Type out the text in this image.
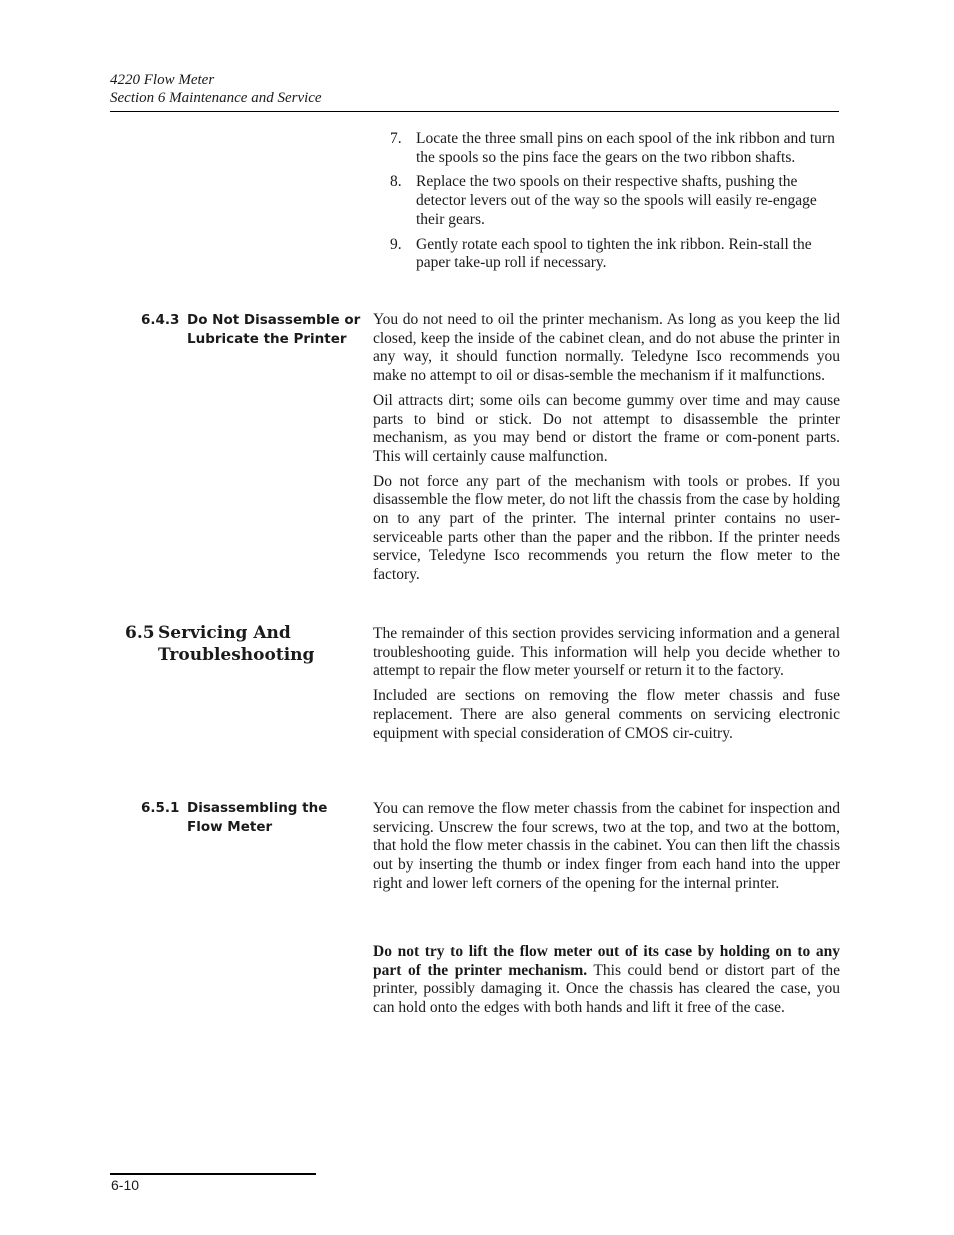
4220 Flow Meter
Section 6 Maintenance and Service
7. Locate the three small pins on each spool of the ink ribbon and turn the spools so the pins face the gears on the two ribbon shafts.
8. Replace the two spools on their respective shafts, pushing the detector levers out of the way so the spools will easily re-engage their gears.
9. Gently rotate each spool to tighten the ink ribbon. Rein-stall the paper take-up roll if necessary.
6.4.3 Do Not Disassemble or Lubricate the Printer

You do not need to oil the printer mechanism. As long as you keep the lid closed, keep the inside of the cabinet clean, and do not abuse the printer in any way, it should function normally. Teledyne Isco recommends you make no attempt to oil or disas-semble the mechanism if it malfunctions.

Oil attracts dirt; some oils can become gummy over time and may cause parts to bind or stick. Do not attempt to disassemble the printer mechanism, as you may bend or distort the frame or com-ponent parts. This will certainly cause malfunction.

Do not force any part of the mechanism with tools or probes. If you disassemble the flow meter, do not lift the chassis from the case by holding on to any part of the printer. The internal printer contains no user-serviceable parts other than the paper and the ribbon. If the printer needs service, Teledyne Isco recommends you return the flow meter to the factory.

6.5 Servicing And Troubleshooting

The remainder of this section provides servicing information and a general troubleshooting guide. This information will help you decide whether to attempt to repair the flow meter yourself or return it to the factory.

Included are sections on removing the flow meter chassis and fuse replacement. There are also general comments on servicing electronic equipment with special consideration of CMOS cir-cuitry.

6.5.1 Disassembling the Flow Meter

You can remove the flow meter chassis from the cabinet for inspection and servicing. Unscrew the four screws, two at the top, and two at the bottom, that hold the flow meter chassis in the cabinet. You can then lift the chassis out by inserting the thumb or index finger from each hand into the upper right and lower left corners of the opening for the internal printer.

Do not try to lift the flow meter out of its case by holding on to any part of the printer mechanism. This could bend or distort part of the printer, possibly damaging it. Once the chassis has cleared the case, you can hold onto the edges with both hands and lift it free of the case.

6-10
